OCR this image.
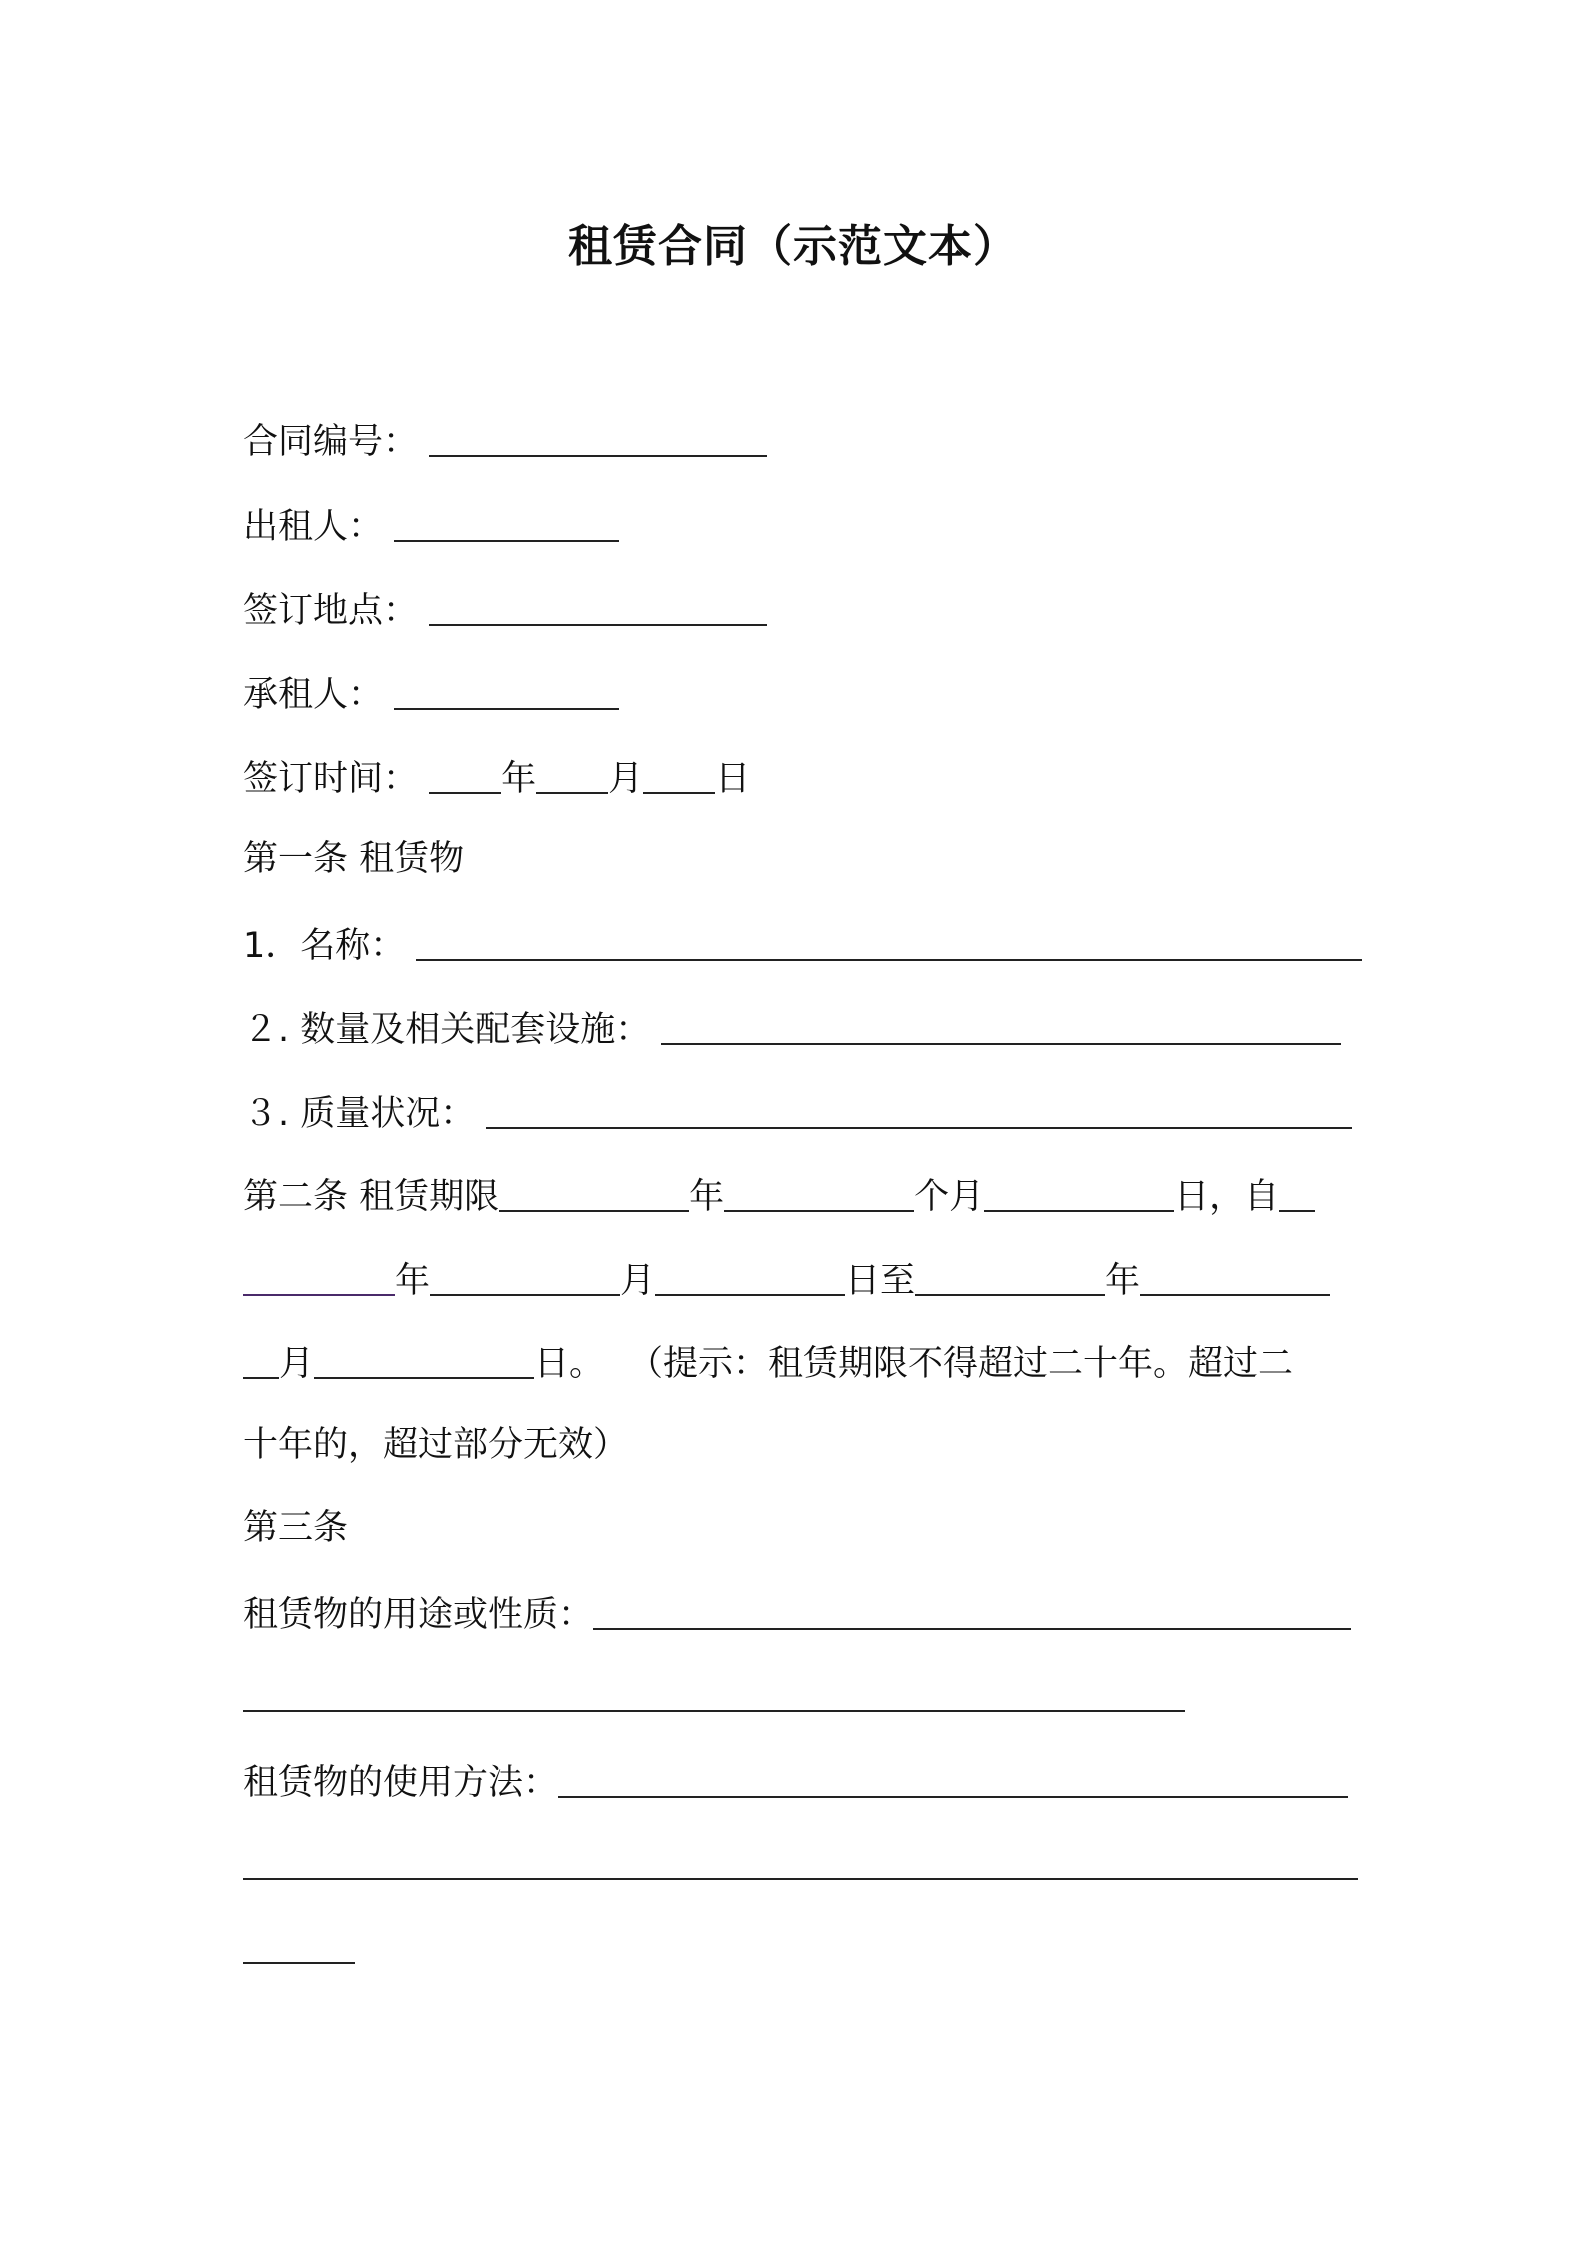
租赁合同（示范文本）
合同编号：
出租人：
签订地点：
承租人：
签订时间： 年 月 日
第一条 租赁物
1．名称：
２. 数量及相关配套设施：
３. 质量状况：
第二条 租赁期限	年	个月	日，自
年	月	日至	年
月	日。 （提示：租赁期限不得超过二十年。超过二
十年的，超过部分无效）
第三条
租赁物的用途或性质：
租赁物的使用方法：
